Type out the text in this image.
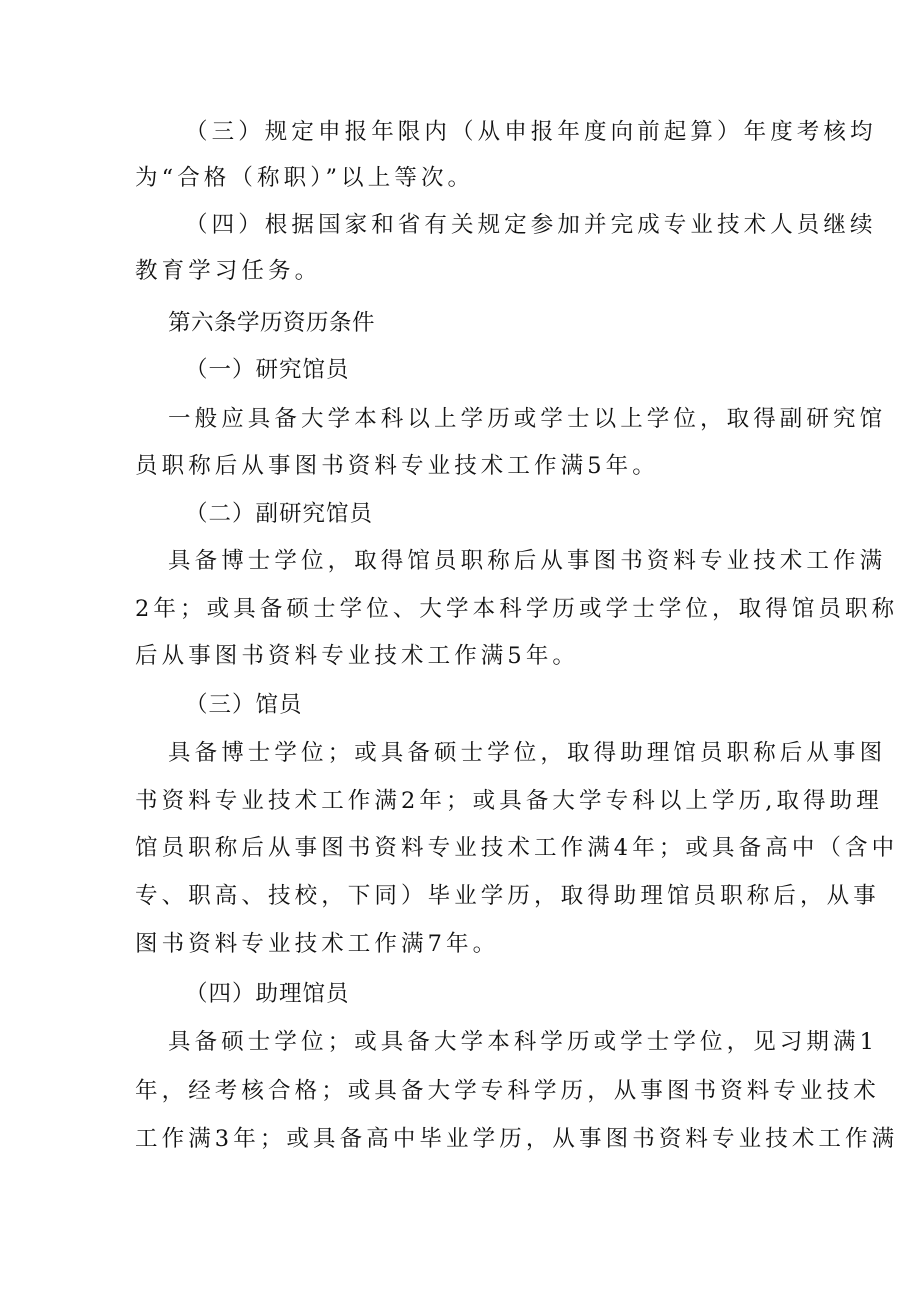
（三）规定申报年限内（从申报年度向前起算）年度考核均
为“合格（称职）”以上等次。
（四）根据国家和省有关规定参加并完成专业技术人员继续
教育学习任务。
第六条学历资历条件
（一）研究馆员
一般应具备大学本科以上学历或学士以上学位，取得副研究馆
员职称后从事图书资料专业技术工作满5年。
（二）副研究馆员
具备博士学位，取得馆员职称后从事图书资料专业技术工作满
2年；或具备硕士学位、大学本科学历或学士学位，取得馆员职称
后从事图书资料专业技术工作满5年。
（三）馆员
具备博士学位；或具备硕士学位，取得助理馆员职称后从事图
书资料专业技术工作满2年；或具备大学专科以上学历,取得助理
馆员职称后从事图书资料专业技术工作满4年；或具备高中（含中
专、职高、技校，下同）毕业学历，取得助理馆员职称后，从事
图书资料专业技术工作满7年。
（四）助理馆员
具备硕士学位；或具备大学本科学历或学士学位，见习期满1
年，经考核合格；或具备大学专科学历，从事图书资料专业技术
工作满3年；或具备高中毕业学历，从事图书资料专业技术工作满
